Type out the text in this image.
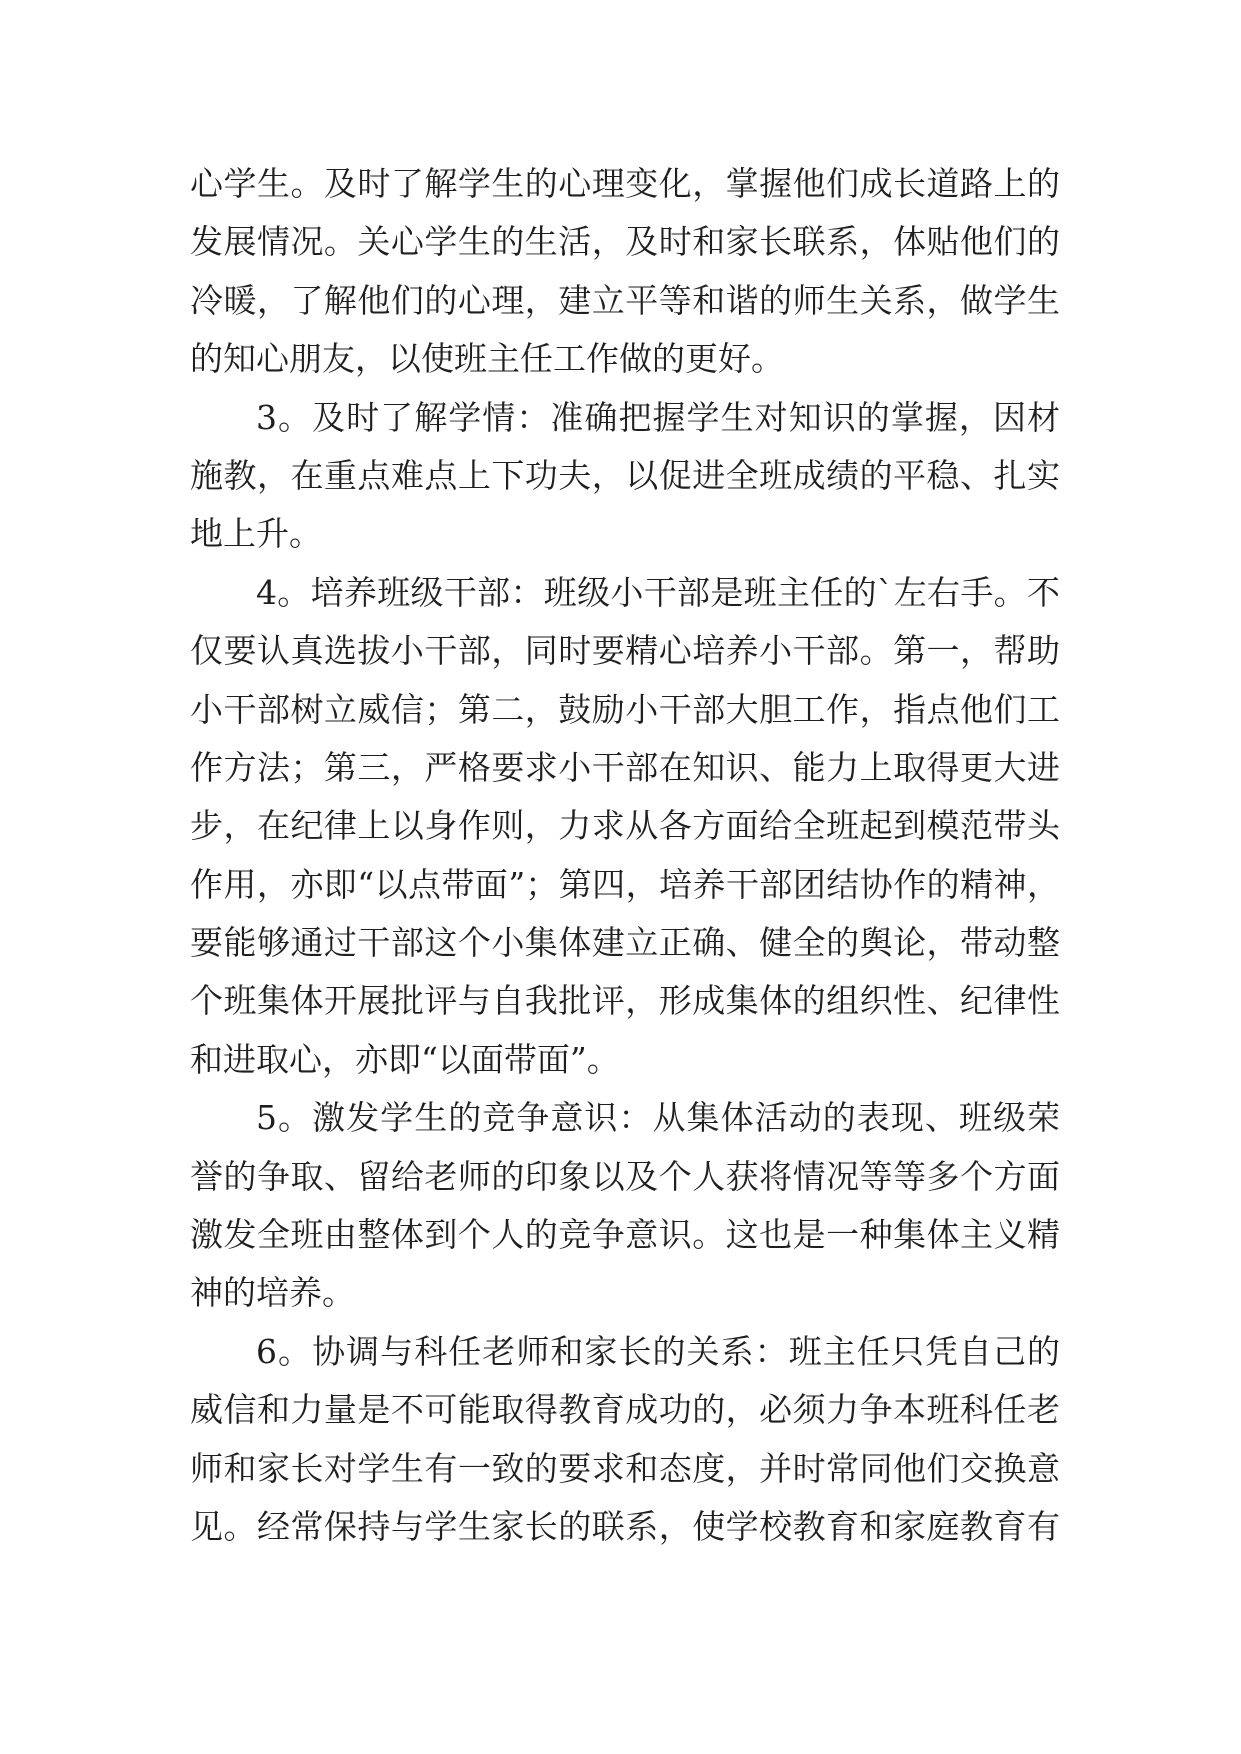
心学生。及时了解学生的心理变化，掌握他们成长道路上的
发展情况。关心学生的生活，及时和家长联系，体贴他们的
冷暖，了解他们的心理，建立平等和谐的师生关系，做学生
的知心朋友，以使班主任工作做的更好。
3。及时了解学情：准确把握学生对知识的掌握，因材
施教，在重点难点上下功夫，以促进全班成绩的平稳、扎实
地上升。
4。培养班级干部：班级小干部是班主任的`左右手。不
仅要认真选拔小干部，同时要精心培养小干部。第一，帮助
小干部树立威信；第二，鼓励小干部大胆工作，指点他们工
作方法；第三，严格要求小干部在知识、能力上取得更大进
步，在纪律上以身作则，力求从各方面给全班起到模范带头
作用，亦即“以点带面”；第四，培养干部团结协作的精神，
要能够通过干部这个小集体建立正确、健全的舆论，带动整
个班集体开展批评与自我批评，形成集体的组织性、纪律性
和进取心，亦即“以面带面”。
5。激发学生的竞争意识：从集体活动的表现、班级荣
誉的争取、留给老师的印象以及个人获将情况等等多个方面
激发全班由整体到个人的竞争意识。这也是一种集体主义精
神的培养。
6。协调与科任老师和家长的关系：班主任只凭自己的
威信和力量是不可能取得教育成功的，必须力争本班科任老
师和家长对学生有一致的要求和态度，并时常同他们交换意
见。经常保持与学生家长的联系，使学校教育和家庭教育有
